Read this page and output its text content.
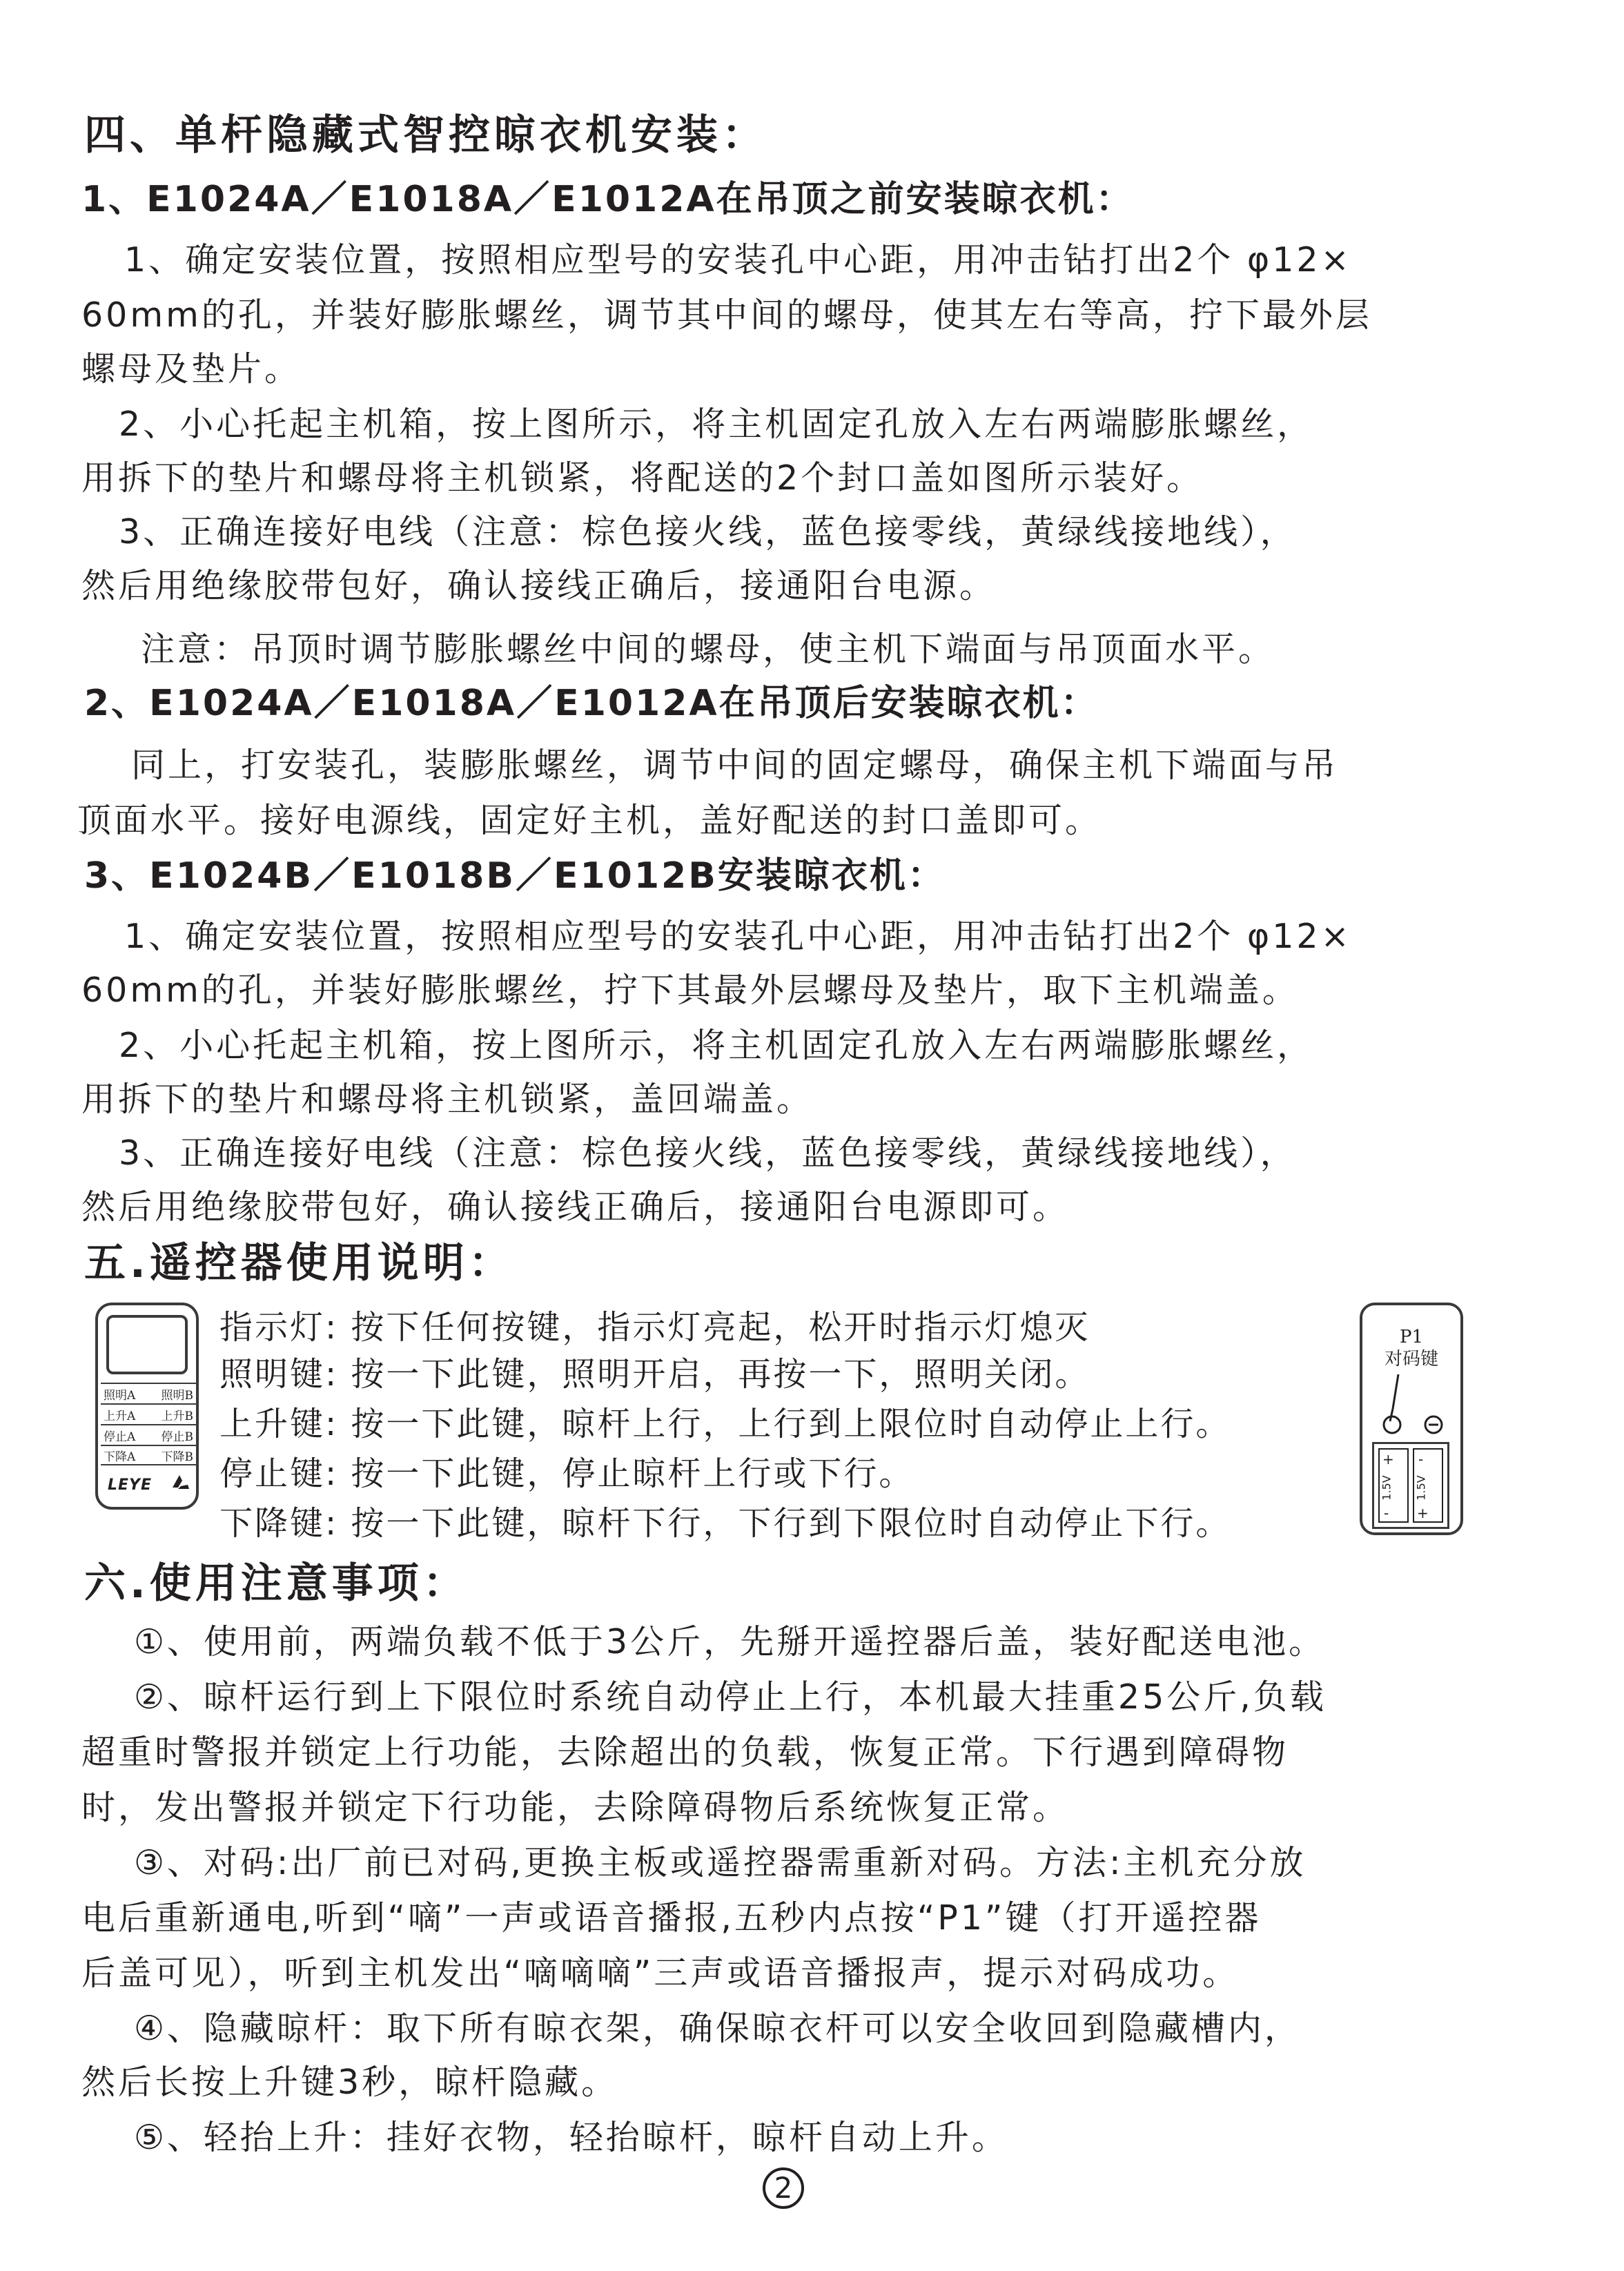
四、单杆隐藏式智控晾衣机安装：
1、E1024A／E1018A／E1012A在吊顶之前安装晾衣机：
1、确定安装位置，按照相应型号的安装孔中心距，用冲击钻打出2个 φ12×
60mm的孔，并装好膨胀螺丝，调节其中间的螺母，使其左右等高，拧下最外层
螺母及垫片。
2、小心托起主机箱，按上图所示，将主机固定孔放入左右两端膨胀螺丝，
用拆下的垫片和螺母将主机锁紧，将配送的2个封口盖如图所示装好。
3、正确连接好电线（注意：棕色接火线，蓝色接零线，黄绿线接地线），
然后用绝缘胶带包好，确认接线正确后，接通阳台电源。
注意：吊顶时调节膨胀螺丝中间的螺母，使主机下端面与吊顶面水平。
2、E1024A／E1018A／E1012A在吊顶后安装晾衣机：
同上，打安装孔，装膨胀螺丝，调节中间的固定螺母，确保主机下端面与吊
顶面水平。接好电源线，固定好主机，盖好配送的封口盖即可。
3、E1024B／E1018B／E1012B安装晾衣机：
1、确定安装位置，按照相应型号的安装孔中心距，用冲击钻打出2个 φ12×
60mm的孔，并装好膨胀螺丝，拧下其最外层螺母及垫片，取下主机端盖。
2、小心托起主机箱，按上图所示，将主机固定孔放入左右两端膨胀螺丝，
用拆下的垫片和螺母将主机锁紧，盖回端盖。
3、正确连接好电线（注意：棕色接火线，蓝色接零线，黄绿线接地线），
然后用绝缘胶带包好，确认接线正确后，接通阳台电源即可。
五.遥控器使用说明：
照明A 照明B
上升A 上升B
停止A 停止B
下降A 下降B
LEYE
指示灯: 按下任何按键，指示灯亮起，松开时指示灯熄灭
照明键: 按一下此键，照明开启，再按一下，照明关闭。
上升键: 按一下此键，晾杆上行，上行到上限位时自动停止上行。
停止键: 按一下此键，停止晾杆上行或下行。
下降键: 按一下此键，晾杆下行，下行到下限位时自动停止下行。
P1
对码键
+
1.5V
-
-
1.5V
+
六.使用注意事项：
①、使用前，两端负载不低于3公斤，先掰开遥控器后盖，装好配送电池。
②、晾杆运行到上下限位时系统自动停止上行，本机最大挂重25公斤,负载
超重时警报并锁定上行功能，去除超出的负载，恢复正常。下行遇到障碍物
时，发出警报并锁定下行功能，去除障碍物后系统恢复正常。
③、对码:出厂前已对码,更换主板或遥控器需重新对码。方法:主机充分放
电后重新通电,听到“嘀”一声或语音播报,五秒内点按“P1”键（打开遥控器
后盖可见），听到主机发出“嘀嘀嘀”三声或语音播报声，提示对码成功。
④、隐藏晾杆：取下所有晾衣架，确保晾衣杆可以安全收回到隐藏槽内，
然后长按上升键3秒，晾杆隐藏。
⑤、轻抬上升：挂好衣物，轻抬晾杆，晾杆自动上升。
2
